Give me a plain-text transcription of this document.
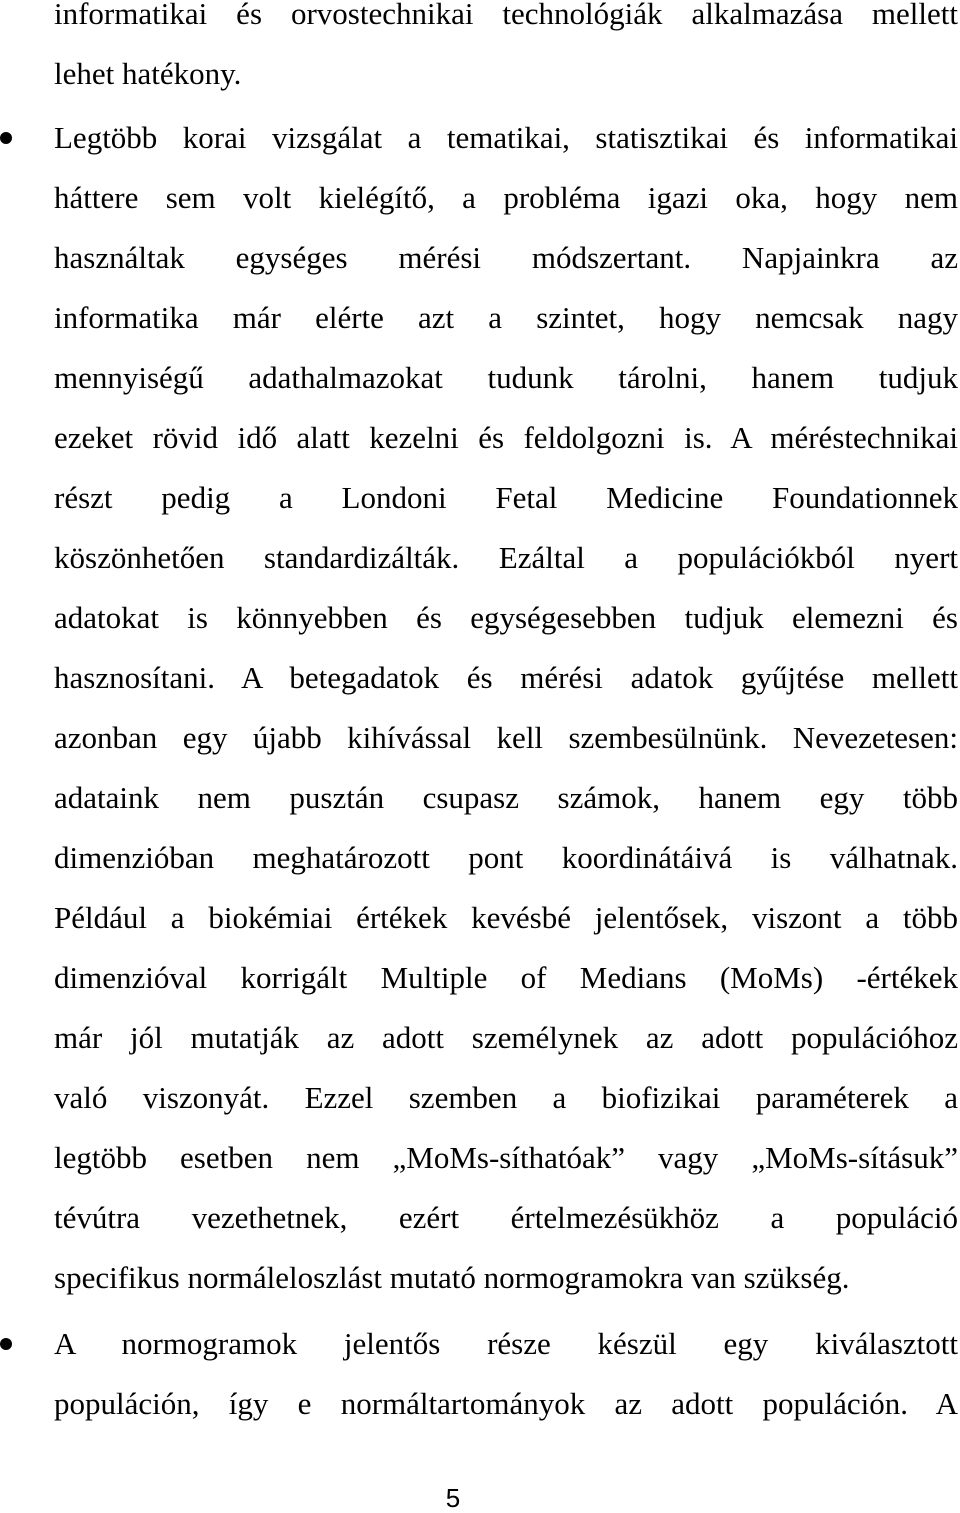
informatikai és orvostechnikai technológiák alkalmazása mellett
lehet hatékony.
Legtöbb korai vizsgálat a tematikai, statisztikai és informatikai
háttere sem volt kielégítő, a probléma igazi oka, hogy nem
használtak egységes mérési módszertant. Napjainkra az
informatika már elérte azt a szintet, hogy nemcsak nagy
mennyiségű adathalmazokat tudunk tárolni, hanem tudjuk
ezeket rövid idő alatt kezelni és feldolgozni is. A méréstechnikai
részt pedig a Londoni Fetal Medicine Foundationnek
köszönhetően standardizálták. Ezáltal a populációkból nyert
adatokat is könnyebben és egységesebben tudjuk elemezni és
hasznosítani. A betegadatok és mérési adatok gyűjtése mellett
azonban egy újabb kihívással kell szembesülnünk. Nevezetesen:
adataink nem pusztán csupasz számok, hanem egy több
dimenzióban meghatározott pont koordinátáivá is válhatnak.
Például a biokémiai értékek kevésbé jelentősek, viszont a több
dimenzióval korrigált Multiple of Medians (MoMs) -értékek
már jól mutatják az adott személynek az adott populációhoz
való viszonyát. Ezzel szemben a biofizikai paraméterek a
legtöbb esetben nem „MoMs-síthatóak” vagy „MoMs-sításuk”
tévútra vezethetnek, ezért értelmezésükhöz a populáció
specifikus normáleloszlást mutató normogramokra van szükség.
A normogramok jelentős része készül egy kiválasztott
populáción, így e normáltartományok az adott populáción. A
5
